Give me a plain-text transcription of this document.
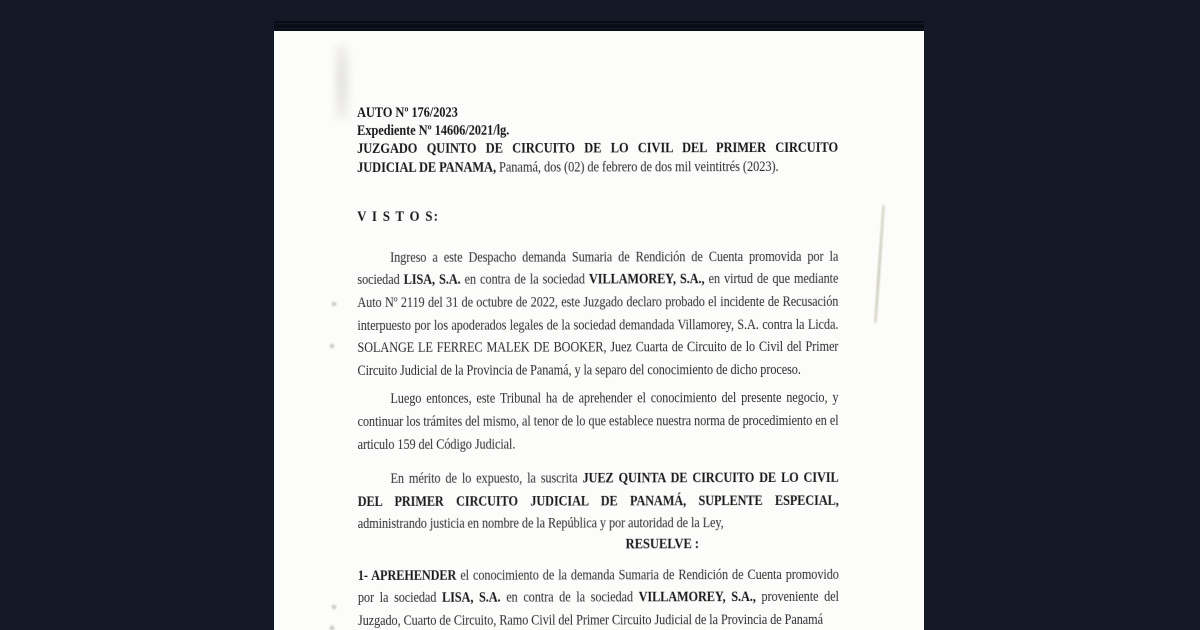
AUTO Nº 176/2023
Expediente Nº 14606/2021/lg.
JUZGADO QUINTO DE CIRCUITO DE LO CIVIL DEL PRIMER CIRCUITO
JUDICIAL DE PANAMA, Panamá, dos (02) de febrero de dos mil veintitrés (2023).
V I S T O S:

Ingreso a este Despacho demanda Sumaria de Rendición de Cuenta promovida por la sociedad LISA, S.A. en contra de la sociedad VILLAMOREY, S.A., en virtud de que mediante Auto Nº 2119 del 31 de octubre de 2022, este Juzgado declaro probado el incidente de Recusación interpuesto por los apoderados legales de la sociedad demandada Villamorey, S.A. contra la Licda. SOLANGE LE FERREC MALEK DE BOOKER, Juez Cuarta de Circuito de lo Civil del Primer Circuito Judicial de la Provincia de Panamá, y la separo del conocimiento de dicho proceso.

Luego entonces, este Tribunal ha de aprehender el conocimiento del presente negocio, y continuar los trámites del mismo, al tenor de lo que establece nuestra norma de procedimiento en el articulo 159 del Código Judicial.

En mérito de lo expuesto, la suscrita JUEZ QUINTA DE CIRCUITO DE LO CIVIL DEL PRIMER CIRCUITO JUDICIAL DE PANAMÁ, SUPLENTE ESPECIAL, administrando justicia en nombre de la República y por autoridad de la Ley,

RESUELVE :

1- APREHENDER el conocimiento de la demanda Sumaria de Rendición de Cuenta promovido por la sociedad LISA, S.A. en contra de la sociedad VILLAMOREY, S.A., proveniente del Juzgado, Cuarto de Circuito, Ramo Civil del Primer Circuito Judicial de la Provincia de Panamá
